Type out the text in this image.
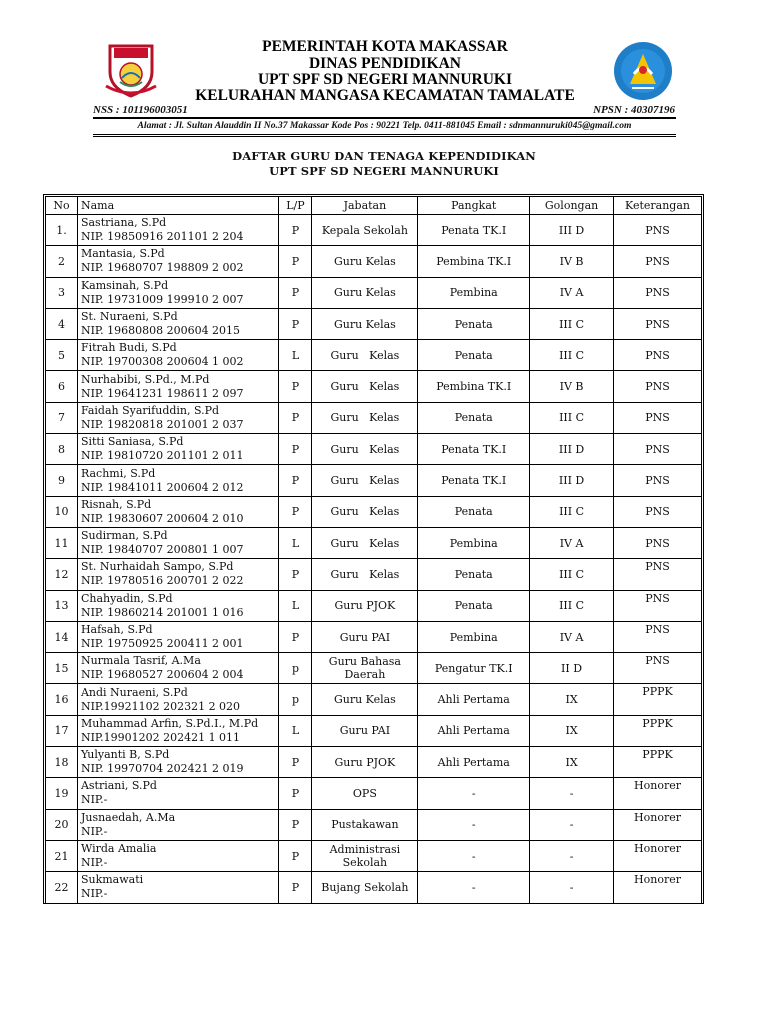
PEMERINTAH KOTA MAKASSAR
DINAS PENDIDIKAN
UPT SPF SD NEGERI MANNURUKI
KELURAHAN MANGASA KECAMATAN TAMALATE
NSS : 101196003051	NPSN : 40307196
Alamat : Jl. Sultan Alauddin II No.37 Makassar Kode Pos : 90221 Telp. 0411-881045 Email : sdnmannuruki045@gmail.com
DAFTAR GURU DAN TENAGA KEPENDIDIKAN
UPT SPF SD NEGERI MANNURUKI
No	Nama	L/P	Jabatan	Pangkat	Golongan	Keterangan
1.	Sastriana, S.Pd
NIP. 19850916 201101 2 204	P	Kepala Sekolah	Penata TK.I	III D	PNS
2	Mantasia, S.Pd
NIP. 19680707 198809 2 002	P	Guru Kelas	Pembina TK.I	IV B	PNS
3	Kamsinah, S.Pd
NIP. 19731009 199910 2 007	P	Guru Kelas	Pembina	IV A	PNS
4	St. Nuraeni, S.Pd
NIP. 19680808 200604 2015	P	Guru Kelas	Penata	III C	PNS
5	Fitrah Budi, S.Pd
NIP. 19700308 200604 1 002	L	Guru   Kelas	Penata	III C	PNS
6	Nurhabibi, S.Pd., M.Pd
NIP. 19641231 198611 2 097	P	Guru   Kelas	Pembina TK.I	IV B	PNS
7	Faidah Syarifuddin, S.Pd
NIP. 19820818 201001 2 037	P	Guru   Kelas	Penata	III C	PNS
8	Sitti Saniasa, S.Pd
NIP. 19810720 201101 2 011	P	Guru   Kelas	Penata TK.I	III D	PNS
9	Rachmi, S.Pd
NIP. 19841011 200604 2 012	P	Guru   Kelas	Penata TK.I	III D	PNS
10	Risnah, S.Pd
NIP. 19830607 200604 2 010	P	Guru   Kelas	Penata	III C	PNS
11	Sudirman, S.Pd
NIP. 19840707 200801 1 007	L	Guru   Kelas	Pembina	IV A	PNS
12	St. Nurhaidah Sampo, S.Pd
NIP. 19780516 200701 2 022	P	Guru   Kelas	Penata	III C	PNS
13	Chahyadin, S.Pd
NIP. 19860214 201001 1 016	L	Guru PJOK	Penata	III C	PNS
14	Hafsah, S.Pd
NIP. 19750925 200411 2 001	P	Guru PAI	Pembina	IV A	PNS
15	Nurmala Tasrif, A.Ma
NIP. 19680527 200604 2 004	p	Guru Bahasa Daerah	Pengatur TK.I	II D	PNS
16	Andi Nuraeni, S.Pd
NIP.19921102 202321 2 020	p	Guru Kelas	Ahli Pertama	IX	PPPK
17	Muhammad Arfin, S.Pd.I., M.Pd
NIP.19901202 202421 1 011	L	Guru PAI	Ahli Pertama	IX	PPPK
18	Yulyanti B, S.Pd
NIP. 19970704 202421 2 019	P	Guru PJOK	Ahli Pertama	IX	PPPK
19	Astriani, S.Pd
NIP.-	P	OPS	-	-	Honorer
20	Jusnaedah, A.Ma
NIP.-	P	Pustakawan	-	-	Honorer
21	Wirda Amalia
NIP.-	P	Administrasi Sekolah	-	-	Honorer
22	Sukmawati
NIP.-	P	Bujang Sekolah	-	-	Honorer
